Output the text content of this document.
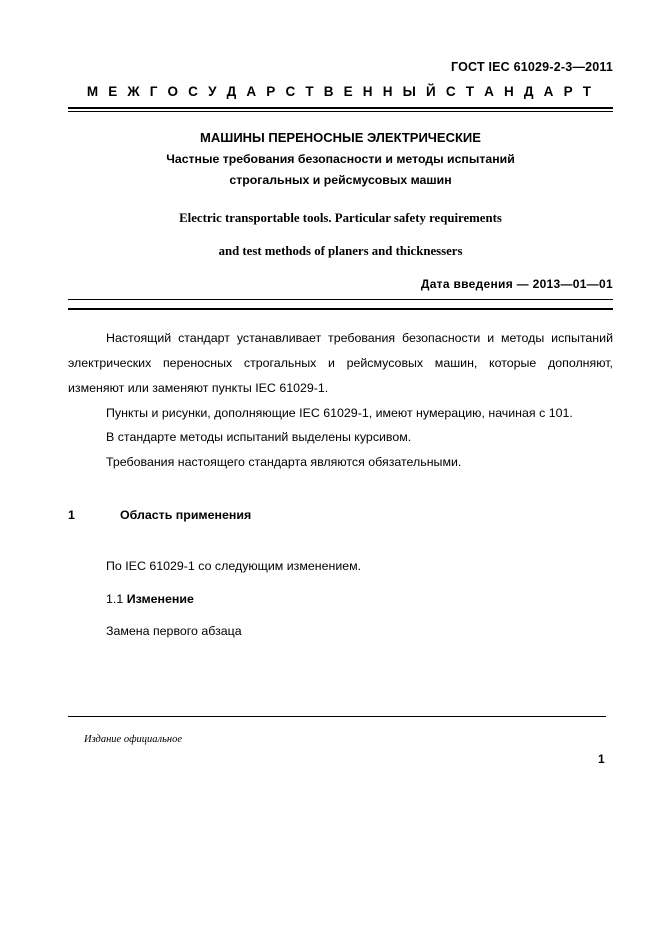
ГОСТ IEC 61029-2-3—2011
М Е Ж Г О С У Д А Р С Т В Е Н Н Ы Й С Т А Н Д А Р Т
МАШИНЫ ПЕРЕНОСНЫЕ ЭЛЕКТРИЧЕСКИЕ
Частные требования безопасности и методы испытаний
строгальных и рейсмусовых машин
Electric transportable tools. Particular safety requirements
and test methods of planers and thicknessers
Дата введения — 2013—01—01

Настоящий стандарт устанавливает требования безопасности и методы испытаний электрических переносных строгальных и рейсмусовых машин, которые дополняют, изменяют или заменяют пункты IEC 61029-1.

Пункты и рисунки, дополняющие IEC 61029-1, имеют нумерацию, начиная с 101.

В стандарте методы испытаний выделены курсивом.

Требования настоящего стандарта являются обязательными.

1	Область применения
По IEC 61029-1 со следующим изменением.
1.1 Изменение
Замена первого абзаца
Издание официальное
1
